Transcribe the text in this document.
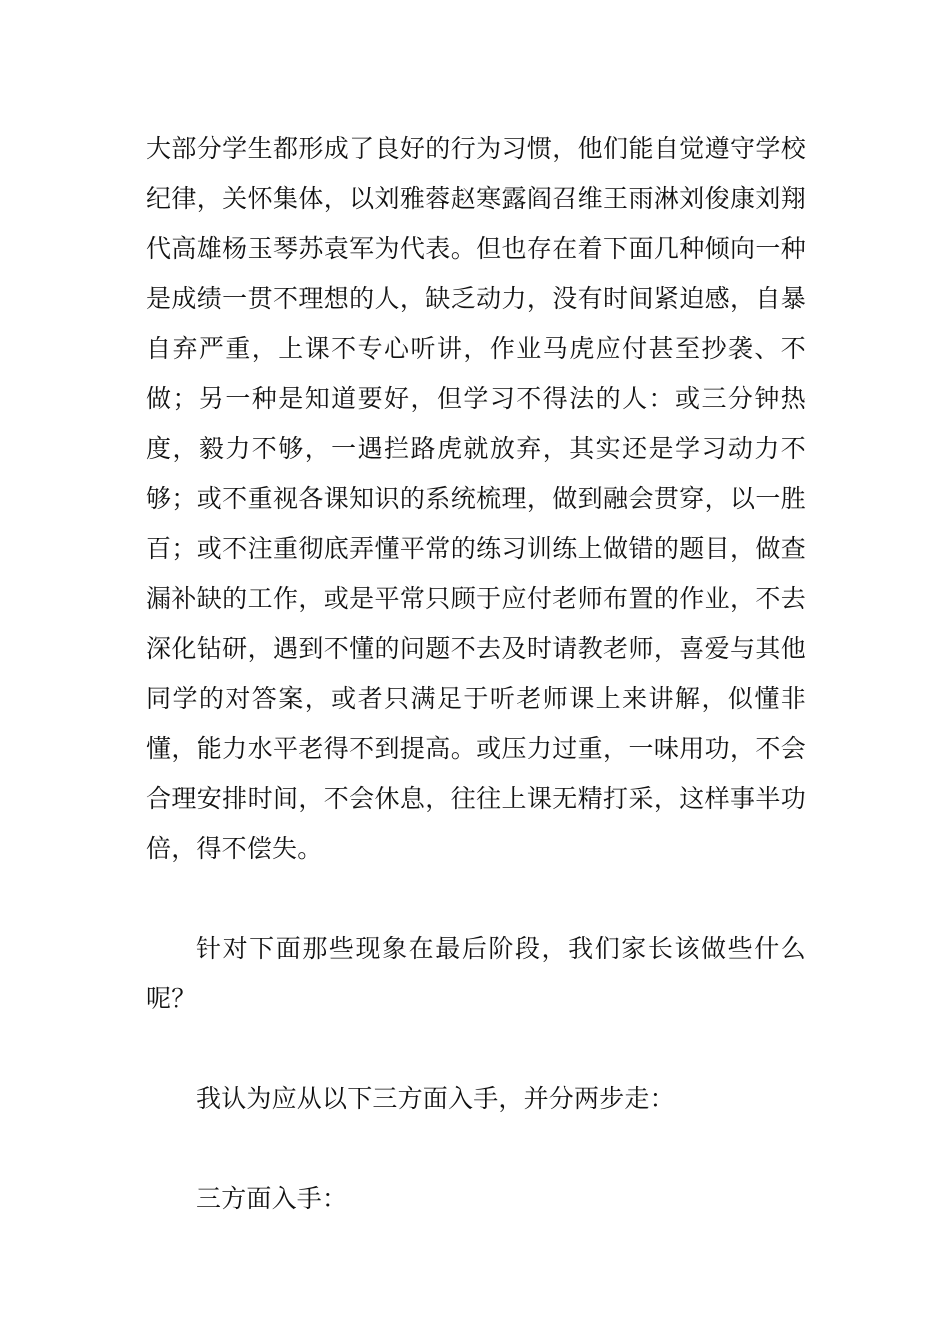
大部分学生都形成了良好的行为习惯，他们能自觉遵守学校纪律，关怀集体，以刘雅蓉赵寒露阎召维王雨淋刘俊康刘翔代高雄杨玉琴苏袁军为代表。但也存在着下面几种倾向一种是成绩一贯不理想的人，缺乏动力，没有时间紧迫感，自暴自弃严重，上课不专心听讲，作业马虎应付甚至抄袭、不做；另一种是知道要好，但学习不得法的人：或三分钟热度，毅力不够，一遇拦路虎就放弃，其实还是学习动力不够；或不重视各课知识的系统梳理，做到融会贯穿，以一胜百；或不注重彻底弄懂平常的练习训练上做错的题目，做查漏补缺的工作，或是平常只顾于应付老师布置的作业，不去深化钻研，遇到不懂的问题不去及时请教老师，喜爱与其他同学的对答案，或者只满足于听老师课上来讲解，似懂非懂，能力水平老得不到提高。或压力过重，一味用功，不会合理安排时间，不会休息，往往上课无精打采，这样事半功倍，得不偿失。

针对下面那些现象在最后阶段，我们家长该做些什么呢？

我认为应从以下三方面入手，并分两步走：

三方面入手：
